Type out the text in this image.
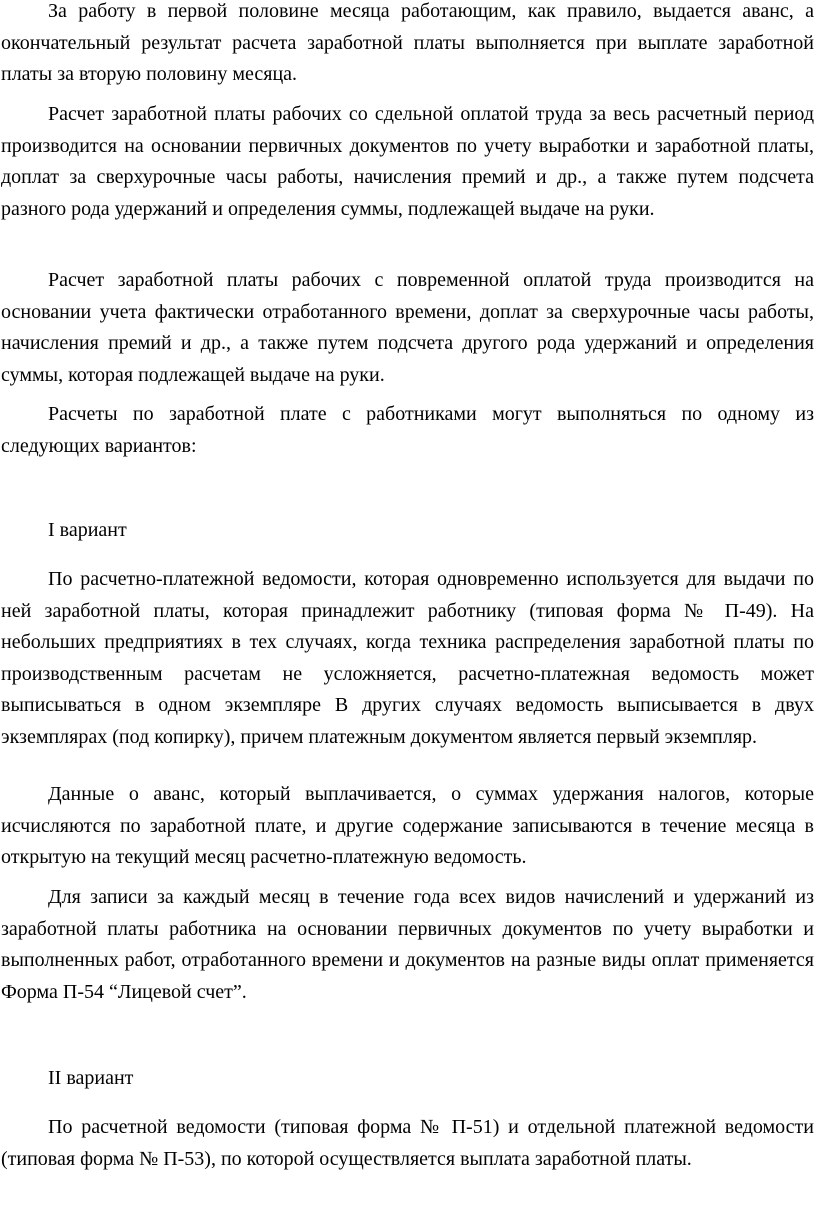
За работу в первой половине месяца работающим, как правило, выдается аванс, а окончательный результат расчета заработной платы выполняется при выплате заработной платы за вторую половину месяца.

Расчет заработной платы рабочих со сдельной оплатой труда за весь расчетный период производится на основании первичных документов по учету выработки и заработной платы, доплат за сверхурочные часы работы, начисления премий и др., а также путем подсчета разного рода удержаний и определения суммы, подлежащей выдаче на руки.

Расчет заработной платы рабочих с повременной оплатой труда производится на основании учета фактически отработанного времени, доплат за сверхурочные часы работы, начисления премий и др., а также путем подсчета другого рода удержаний и определения суммы, которая подлежащей выдаче на руки.

Расчеты по заработной плате с работниками могут выполняться по одному из следующих вариантов:

I вариант

По расчетно-платежной ведомости, которая одновременно используется для выдачи по ней заработной платы, которая принадлежит работнику (типовая форма № П-49). На небольших предприятиях в тех случаях, когда техника распределения заработной платы по производственным расчетам не усложняется, расчетно-платежная ведомость может выписываться в одном экземпляре В других случаях ведомость выписывается в двух экземплярах (под копирку), причем платежным документом является первый экземпляр.

Данные о аванс, который выплачивается, о суммах удержания налогов, которые исчисляются по заработной плате, и другие содержание записываются в течение месяца в открытую на текущий месяц расчетно-платежную ведомость.

Для записи за каждый месяц в течение года всех видов начислений и удержаний из заработной платы работника на основании первичных документов по учету выработки и выполненных работ, отработанного времени и документов на разные виды оплат применяется Форма П-54 “Лицевой счет”.

II вариант

По расчетной ведомости (типовая форма № П-51) и отдельной платежной ведомости (типовая форма № П-53), по которой осуществляется выплата заработной платы.
